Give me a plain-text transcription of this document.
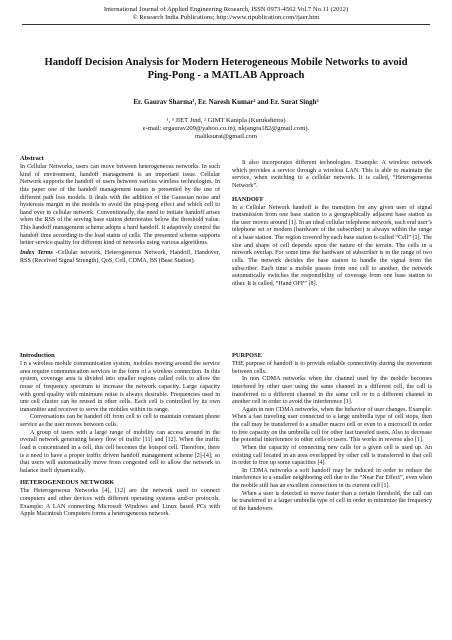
International Journal of Applied Engineering Research, ISSN 0973-4562 Vol.7 No.11 (2012)
© Research India Publications; http://www.ripublication.com/ijaer.htm
Handoff Decision Analysis for Modern Heterogeneous Mobile Networks to avoid
Ping-Pong - a MATLAB Approach
Er. Gaurav Sharma¹, Er. Naresh Kumar² and Er. Surat Singh³
¹, ³ JIET Jind, ² GIMT Kanipla (Kurukshetra)
e-mail: ergaurav209@yahoo.co.in), nkjangra182@gmail.com).
maliksurat@gmail.com
Abstract

In Cellular Networks, users can move between heterogeneous networks. In such kind of environment, handoff management is an important issue. Cellular Network supports the handoff of users between various wireless technologies. In this paper one of the handoff management issues is presented by the use of different path loss models. It deals with the addition of the Gaussian noise and hysteresis margin in the models to avoid the ping-pong effect and which cell to hand over in cellular network. Conventionally, the need to initiate handoff arises when the RSS of the serving base station deteriorates below the threshold value. This handoff management scheme adopts a hard handoff. It adaptively control the handoff time according to the load status of cells. The presented scheme supports better service quality for different kind of networks using various algorithms.

Index Terms -Cellular network, Heterogeneous Network, Handoff, Handover, RSS (Received Signal Strength), QoS, Cell, CDMA, BS (Base Station).

Introduction

I n a wireless mobile communication system, mobiles moving around the service area require communication services in the form of a wireless connection. In this system, coverage area is divided into smaller regions called cells to allow the reuse of frequency spectrum to increase the network capacity. Large capacity with good quality with minimum noise is always desirable. Frequencies used in one cell cluster can be reused in other cells. Each cell is controlled by its own transmitter and receiver to serve the mobiles within its range.

Conversations can be handed off from cell to cell to maintain constant phone service as the user moves between cells.

A group of users with a large range of mobility can access around in the overall network generating heavy flow of traffic [11] and [12]. When the traffic load is concentrated in a cell, this cell becomes the hotspot cell. Therefore, there is a need to have a proper traffic driven handoff management scheme [2]-[4]; so that users will automatically move from congested cell to allow the network to balance itself dynamically.

HETEROGENEOUS NETWORK

The Heterogeneous Networks [4], [12] are the network used to connect computers and other devices with different operating systems and/or protocols. Example: A LAN connecting Microsoft Windows and Linux based PCs with Apple Macintosh Computers forms a heterogeneous network.

It also incorporates different technologies. Example: A wireless network which provides a service through a wireless LAN. This is able to maintain the service, when switching to a cellular network. It is called, “Heterogeneous Network”.

HANDOFF

In a Cellular Network handoff is the transition for any given user of signal transmission from one base station to a geographically adjacent base station as the user moves around [1]. In an ideal cellular telephone network, each end user’s telephone set or modem (hardware of the subscriber) is always within the range of a base station. The region covered by each base station is called “Cell” [1]. The size and shape of cell depends upon the nature of the terrain. The cells in a network overlap. For some time the hardware of subscriber is in the range of two cells. The network decides the base station to handle the signal from the subscriber. Each time a mobile passes from one cell to another, the network automatically switches the responsibility of coverage from one base station to other. It is called, “Hand OFF” [8].

PURPOSE

THE purpose of handoff is to provide reliable connectivity during the movement between cells.

In non CDMA networks when the channel used by the mobile becomes interfered by other user using the same channel in a different cell, the call is transferred to a different channel in the same cell or to a different channel in another cell in order to avoid the interference [1].

Again in non CDMA networks, when the behavior of user changes. Example: When a fast traveling user connected to a large umbrella type of cell stops, then the call may be transferred to a smaller macro cell or even to a microcell in order to free capacity on the umbrella cell for other fast traveled users. Also to decrease the potential interference to other cells or users. This works in reverse also [1].

When the capacity of connecting new calls for a given cell is used up. An existing call located in an area overlapped by other cell is transferred to that cell in order to free up some capacities [4].

In CDMA networks a soft handoff may be induced in order to reduce the interference to a smaller neighboring cell due to the “Near Far Effect”, even when the mobile still has an excellent connection in its current cell [1].

When a user is detected to move faster than a certain threshold, the call can be transferred to a larger umbrella type of cell in order to minimize the frequency of the handovers
